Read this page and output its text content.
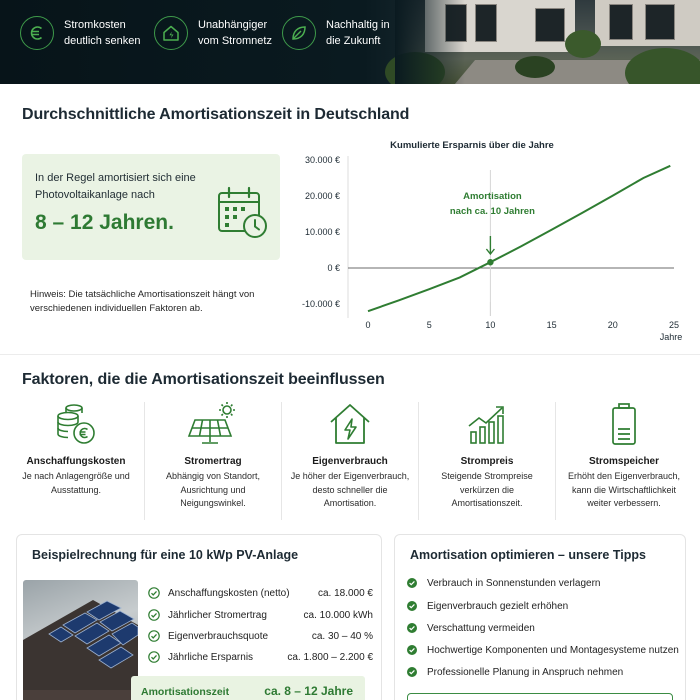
Stromkosten
deutlich senken
Unabhängiger
vom Stromnetz
Nachhaltig in
die Zukunft
Durchschnittliche Amortisationszeit in Deutschland
In der Regel amortisiert sich eine Photovoltaikanlage nach
8 – 12 Jahren.
Hinweis: Die tatsächliche Amortisationszeit hängt von verschiedenen individuellen Faktoren ab.
Kumulierte Ersparnis über die Jahre
-10.000 €
0 €
10.000 €
20.000 €
30.000 €
0	5	10	15	20	25
Jahre
Amortisation
nach ca. 10 Jahren
Faktoren, die die Amortisationszeit beeinflussen
Anschaffungskosten
Je nach Anlagengröße und Ausstattung.
Stromertrag
Abhängig von Standort, Ausrichtung und Neigungswinkel.
Eigenverbrauch
Je höher der Eigenverbrauch, desto schneller die Amortisation.
Strompreis
Steigende Strompreise verkürzen die Amortisationszeit.
Stromspeicher
Erhöht den Eigenverbrauch, kann die Wirtschaftlichkeit weiter verbessern.
Beispielrechnung für eine 10 kWp PV-Anlage
Anschaffungskosten (netto)	ca. 18.000 €
Jährlicher Stromertrag	ca. 10.000 kWh
Eigenverbrauchsquote	ca. 30 – 40 %
Jährliche Ersparnis	ca. 1.800 – 2.200 €
Amortisationszeit	ca. 8 – 12 Jahre
Amortisation optimieren – unsere Tipps
Verbrauch in Sonnenstunden verlagern
Eigenverbrauch gezielt erhöhen
Verschattung vermeiden
Hochwertige Komponenten und Montagesysteme nutzen
Professionelle Planung in Anspruch nehmen
